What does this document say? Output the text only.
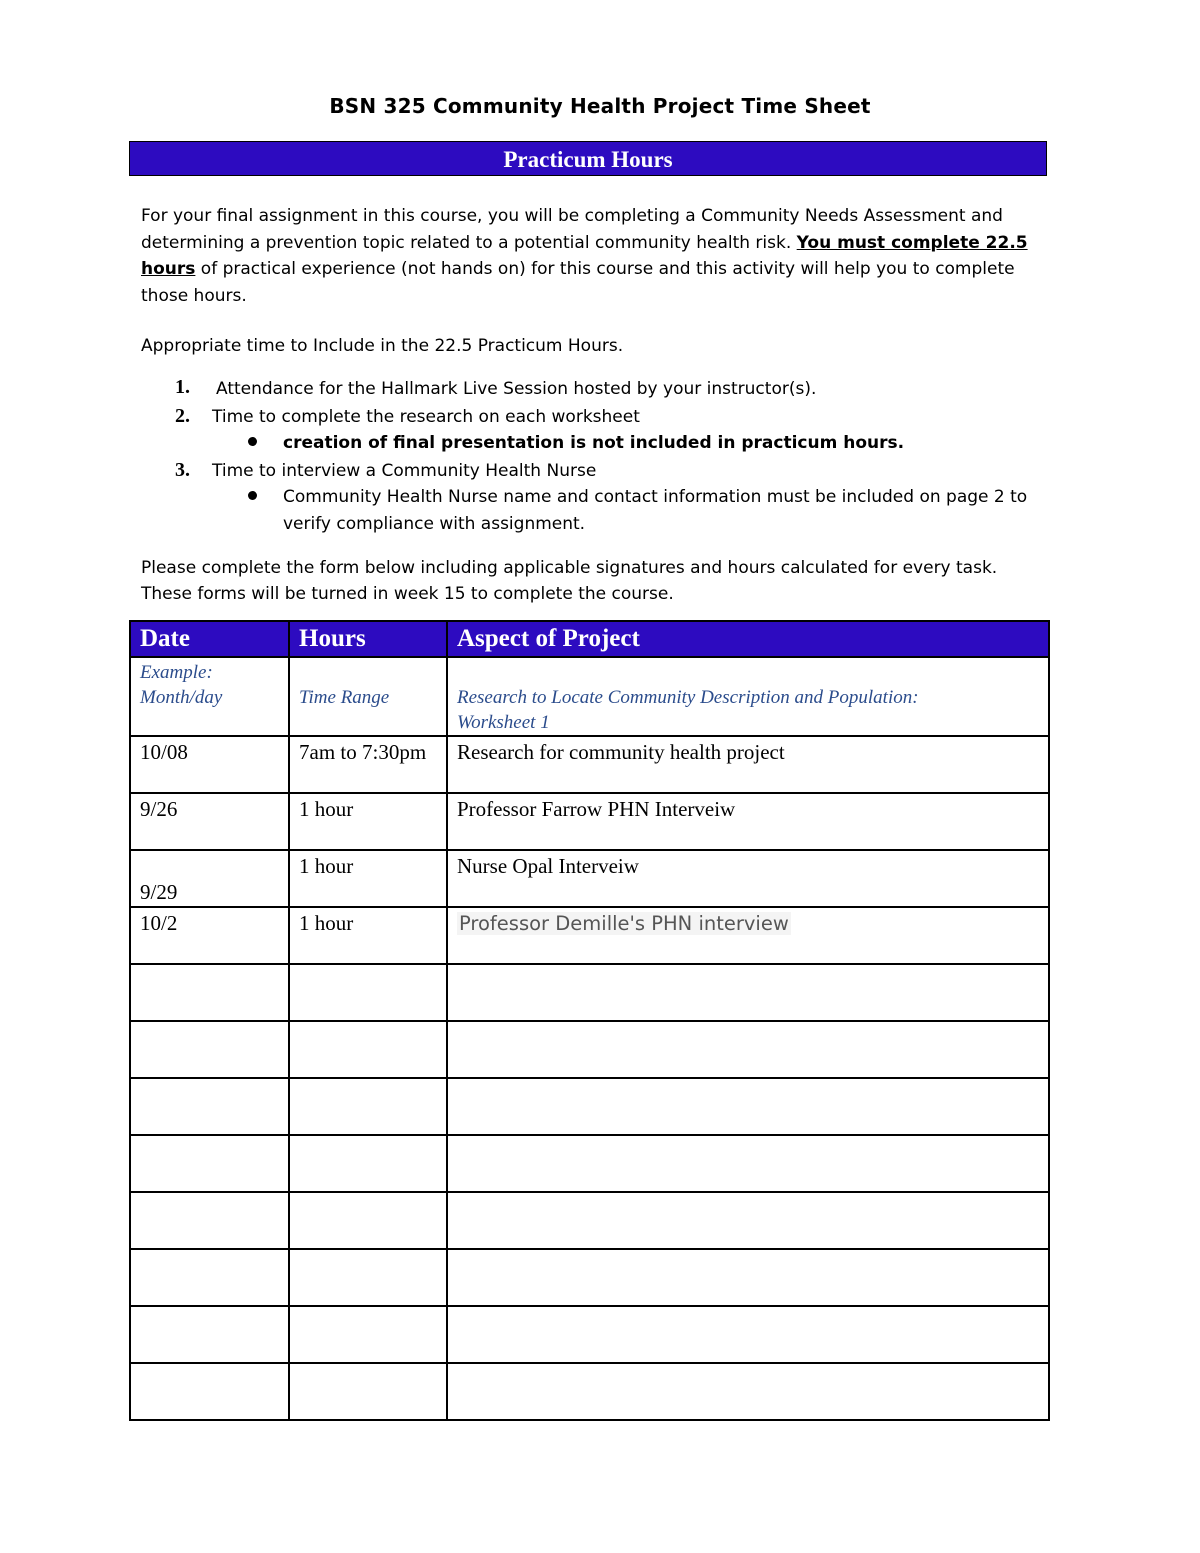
BSN 325 Community Health Project Time Sheet
Practicum Hours
For your final assignment in this course, you will be completing a Community Needs Assessment and determining a prevention topic related to a potential community health risk. You must complete 22.5 hours of practical experience (not hands on) for this course and this activity will help you to complete those hours.
Appropriate time to Include in the 22.5 Practicum Hours.
1. Attendance for the Hallmark Live Session hosted by your instructor(s).
2. Time to complete the research on each worksheet
creation of final presentation is not included in practicum hours.
3. Time to interview a Community Health Nurse
Community Health Nurse name and contact information must be included on page 2 to verify compliance with assignment.
Please complete the form below including applicable signatures and hours calculated for every task. These forms will be turned in week 15 to complete the course.
Date	Hours	Aspect of Project

Example:
Month/day	Time Range	Research to Locate Community Description and Population:
Worksheet 1

10/08	7am to 7:30pm	Research for community health project
9/26	1 hour	Professor Farrow PHN Interveiw

9/29	1 hour	Nurse Opal Interveiw
10/2	1 hour	Professor Demille's PHN interview
